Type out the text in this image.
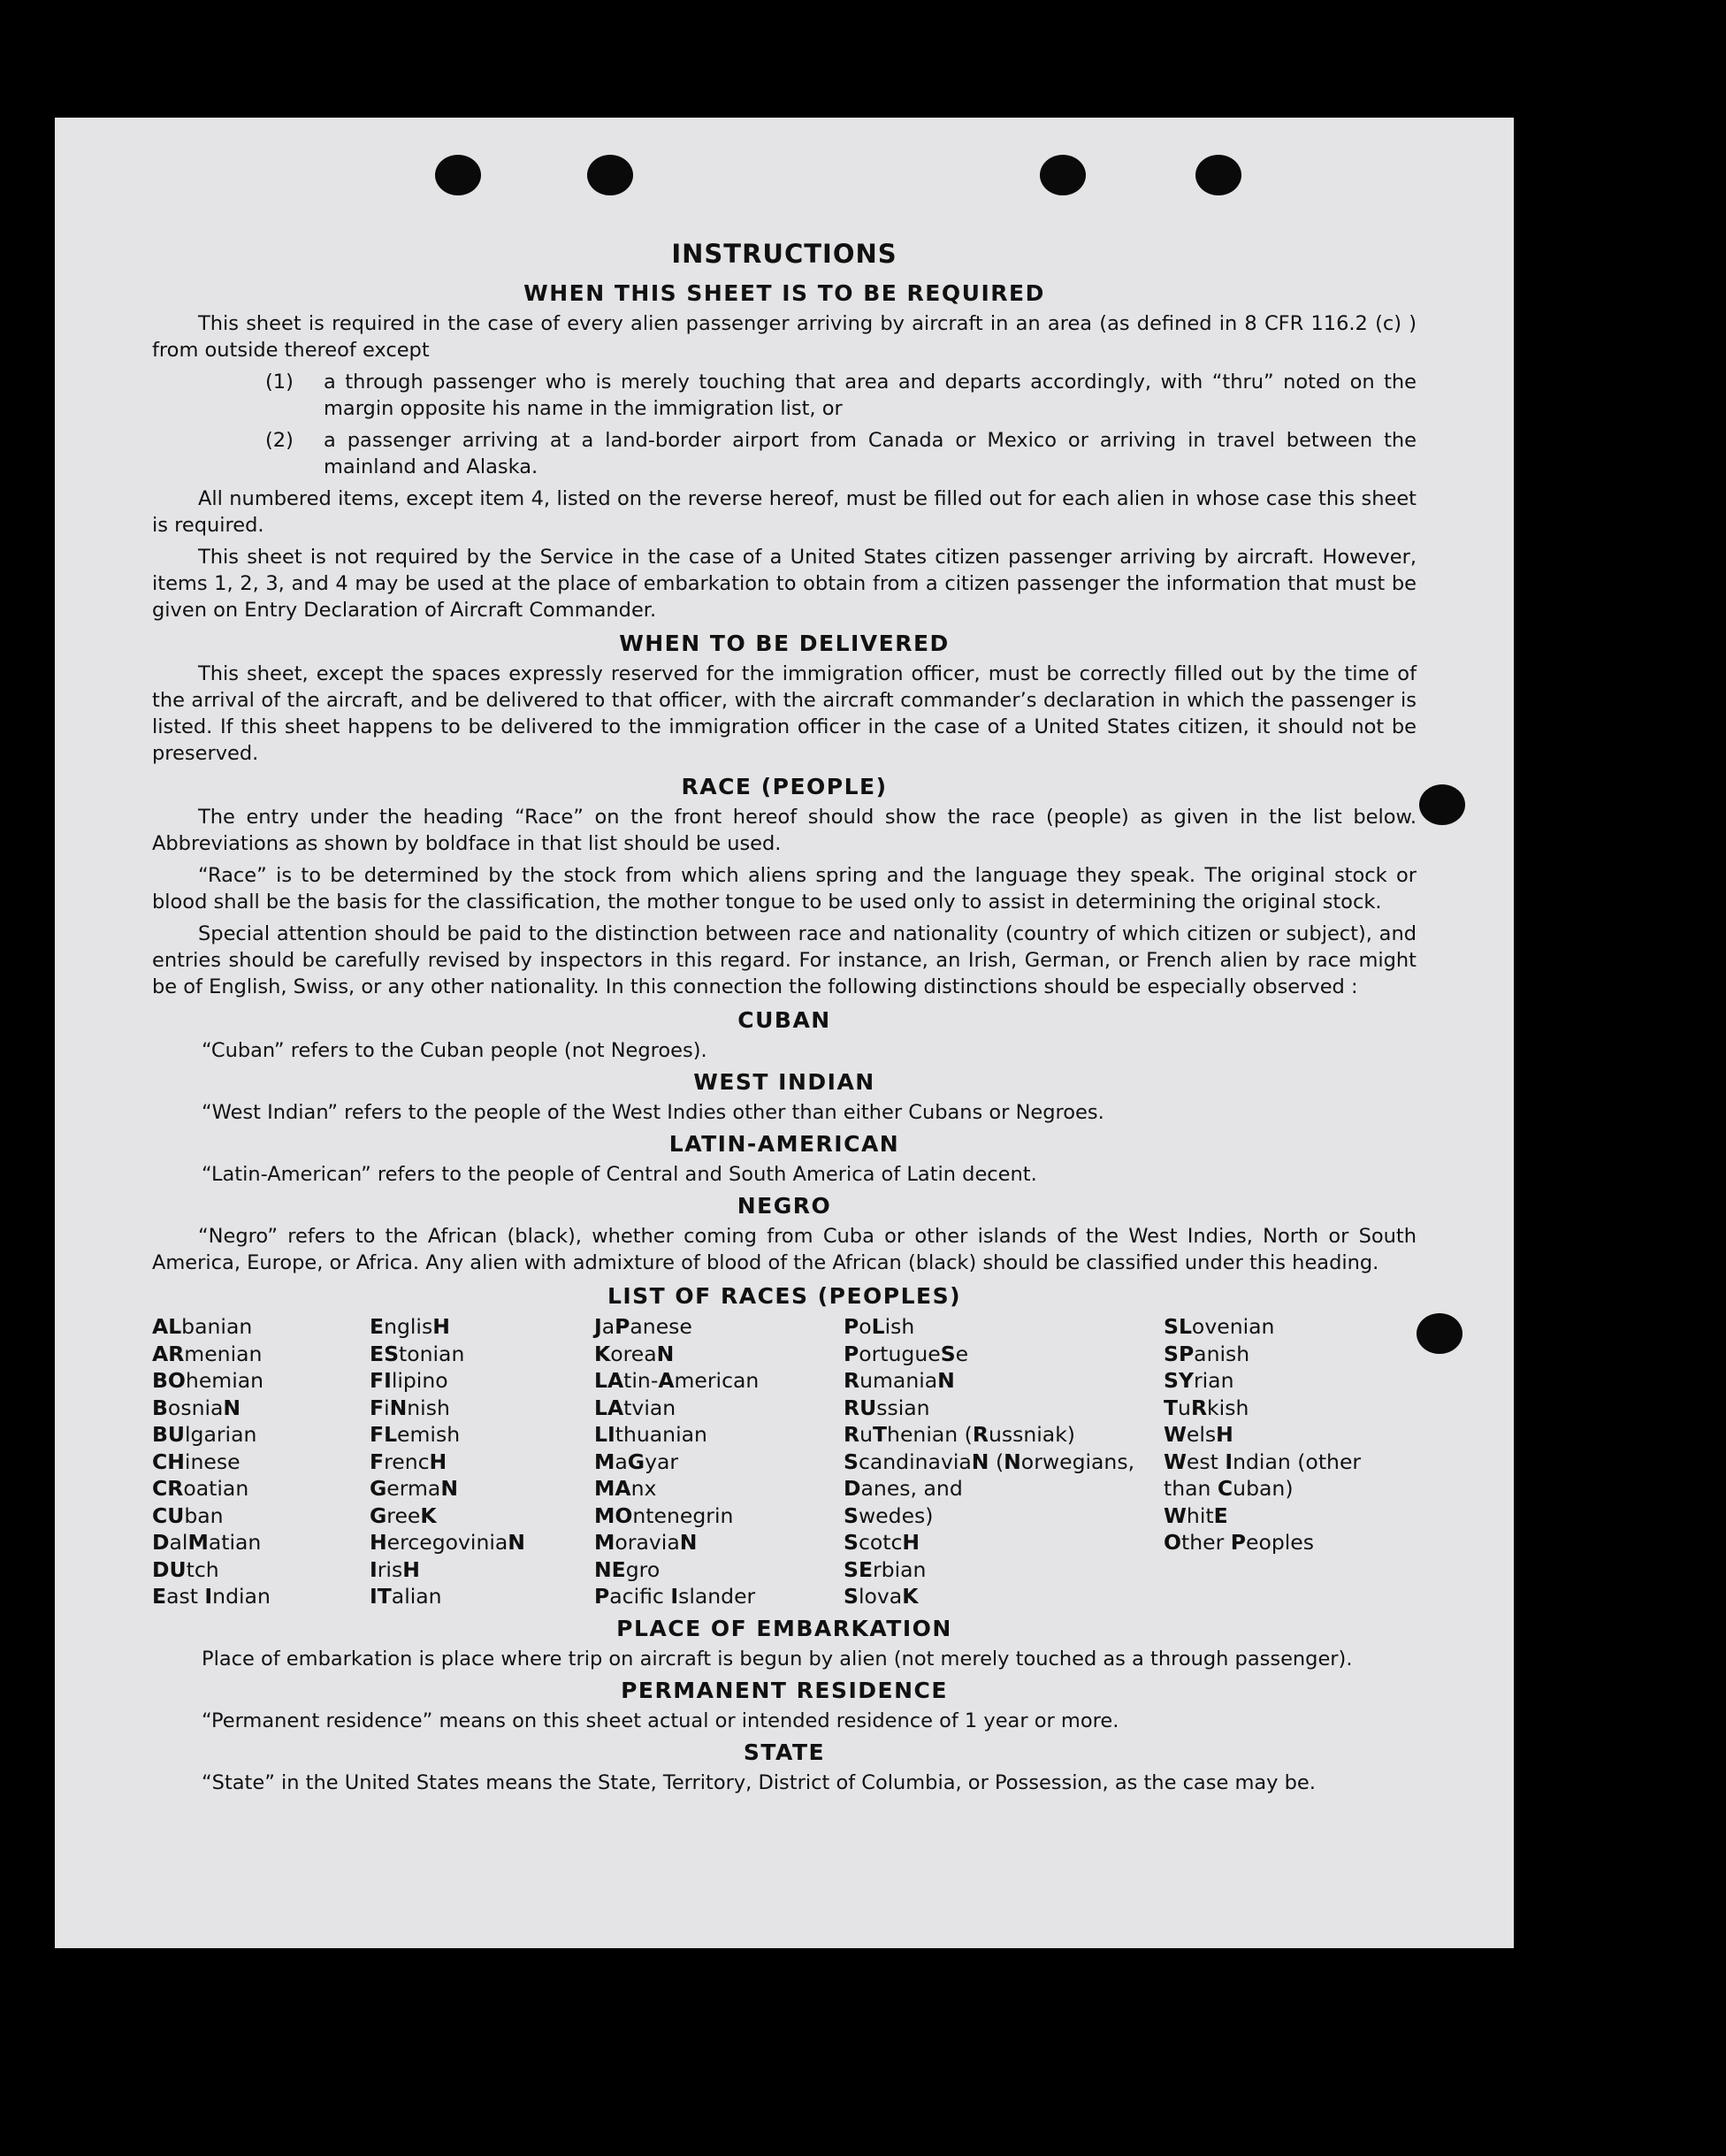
INSTRUCTIONS
WHEN THIS SHEET IS TO BE REQUIRED

This sheet is required in the case of every alien passenger arriving by aircraft in an area (as defined in 8 CFR 116.2 (c) ) from outside thereof except

(1)	a through passenger who is merely touching that area and departs accordingly, with “thru” noted on the margin opposite his name in the immigration list, or
(2)	a passenger arriving at a land-border airport from Canada or Mexico or arriving in travel between the mainland and Alaska.

All numbered items, except item 4, listed on the reverse hereof, must be filled out for each alien in whose case this sheet is required.

This sheet is not required by the Service in the case of a United States citizen passenger arriving by aircraft. However, items 1, 2, 3, and 4 may be used at the place of embarkation to obtain from a citizen passenger the information that must be given on Entry Declaration of Aircraft Commander.

WHEN TO BE DELIVERED

This sheet, except the spaces expressly reserved for the immigration officer, must be correctly filled out by the time of the arrival of the aircraft, and be delivered to that officer, with the aircraft commander’s declaration in which the passenger is listed. If this sheet happens to be delivered to the immigration officer in the case of a United States citizen, it should not be preserved.

RACE (PEOPLE)

The entry under the heading “Race” on the front hereof should show the race (people) as given in the list below. Abbreviations as shown by boldface in that list should be used.

“Race” is to be determined by the stock from which aliens spring and the language they speak. The original stock or blood shall be the basis for the classification, the mother tongue to be used only to assist in determining the original stock.

Special attention should be paid to the distinction between race and nationality (country of which citizen or subject), and entries should be carefully revised by inspectors in this regard. For instance, an Irish, German, or French alien by race might be of English, Swiss, or any other nationality. In this connection the following distinctions should be especially observed :

CUBAN
“Cuban” refers to the Cuban people (not Negroes).
WEST INDIAN
“West Indian” refers to the people of the West Indies other than either Cubans or Negroes.
LATIN-AMERICAN
“Latin-American” refers to the people of Central and South America of Latin decent.
NEGRO

“Negro” refers to the African (black), whether coming from Cuba or other islands of the West Indies, North or South America, Europe, or Africa. Any alien with admixture of blood of the African (black) should be classified under this heading.

LIST OF RACES (PEOPLES)
ALbanian
ARmenian
BOhemian
BosniaN
BUlgarian
CHinese
CRoatian
CUban
DalMatian
DUtch
East Indian
EnglisH
EStonian
FIlipino
FiNnish
FLemish
FrencH
GermaN
GreeK
HercegoviniaN
IrisH
ITalian
JaPanese
KoreaN
LAtin-American
LAtvian
LIthuanian
MaGyar
MAnx
MOntenegrin
MoraviaN
NEgro
Pacifc Islander
PoLish
PortugueSe
RumaniaN
RUssian
RuThenian (Russniak)
ScandinaviaN (Norwegians,
Danes, and
Swedes)
ScotcH
SErbian
SlovaK
SLovenian
SPanish
SYrian
TuRkish
WelsH
West Indian (other
than Cuban)
WhitE
Other Peoples
PLACE OF EMBARKATION
Place of embarkation is place where trip on aircraft is begun by alien (not merely touched as a through passenger).
PERMANENT RESIDENCE
“Permanent residence” means on this sheet actual or intended residence of 1 year or more.
STATE
“State” in the United States means the State, Territory, District of Columbia, or Possession, as the case may be.
